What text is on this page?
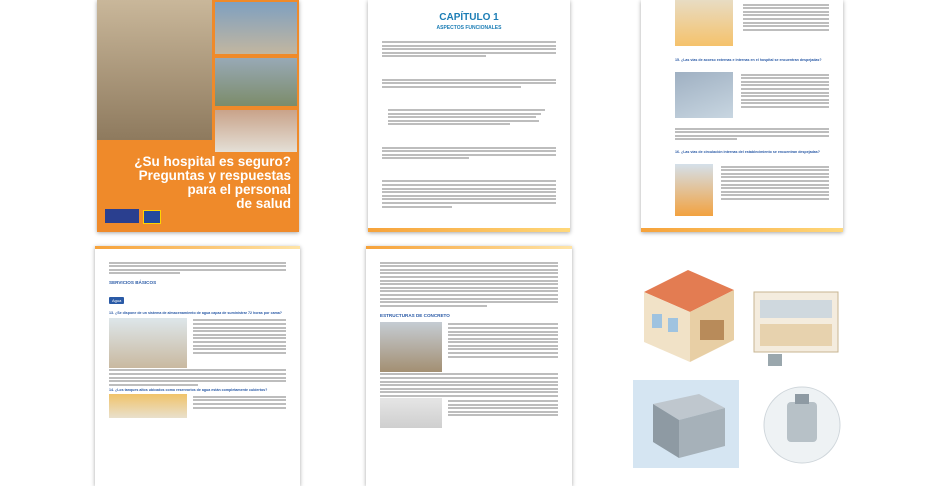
¿Su hospital es seguro?
Preguntas y respuestas
para el personal
de salud
CAPÍTULO 1
ASPECTOS FUNCIONALES

15. ¿Las vías de acceso externas e internas en el hospital se encuentran despejadas?
16. ¿Las vías de circulación internas del establecimiento se encuentran despejadas?
SERVICIOS BÁSICOS
Agua
13. ¿Se dispone de un sistema de almacenamiento de agua capaz de suministrar 72 horas por cama?
14. ¿Los tanques altos ubicados como reservorios de agua están completamente cubiertos?
ESTRUCTURAS DE CONCRETO
